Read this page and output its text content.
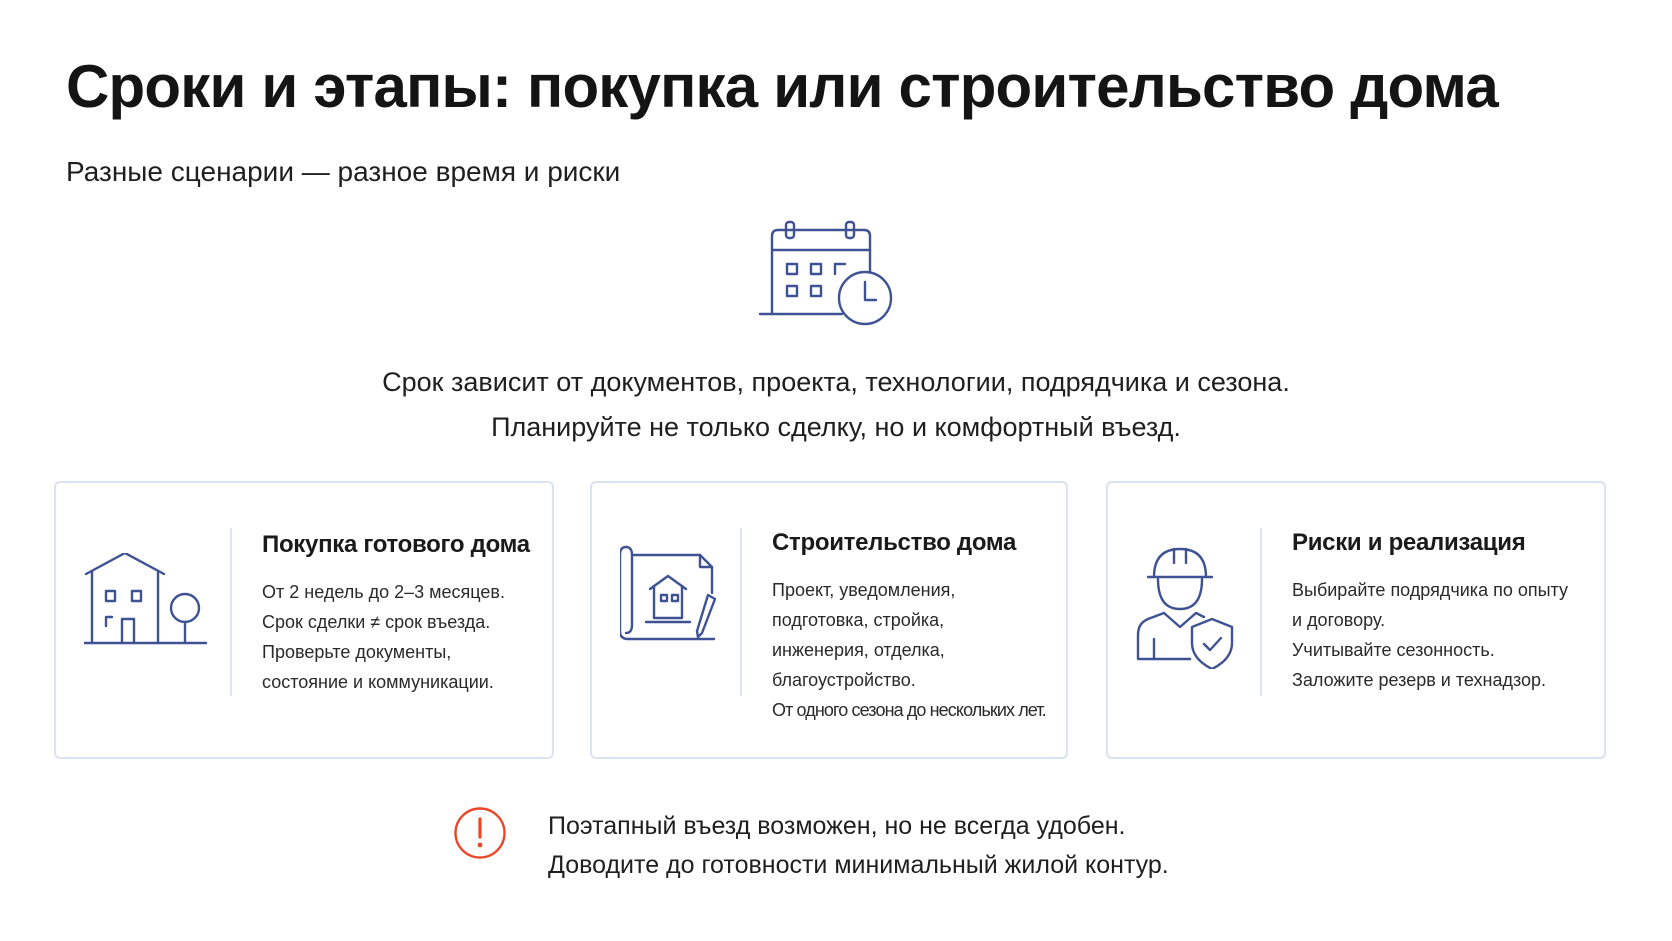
Сроки и этапы: покупка или строительство дома
Разные сценарии — разное время и риски
Срок зависит от документов, проекта, технологии, подрядчика и сезона.
Планируйте не только сделку, но и комфортный въезд.
Покупка готового дома
От 2 недель до 2–3 месяцев.
Срок сделки ≠ срок въезда.
Проверьте документы,
состояние и коммуникации.
Строительство дома
Проект, уведомления,
подготовка, стройка,
инженерия, отделка,
благоустройство.
От одного сезона до нескольких лет.
Риски и реализация
Выбирайте подрядчика по опыту
и договору.
Учитывайте сезонность.
Заложите резерв и технадзор.
Поэтапный въезд возможен, но не всегда удобен.
Доводите до готовности минимальный жилой контур.
